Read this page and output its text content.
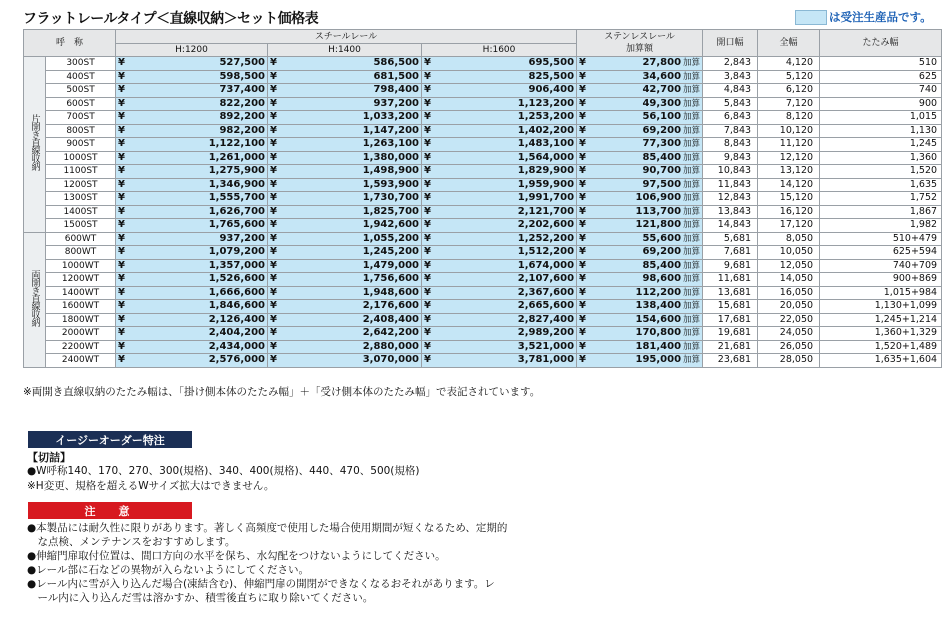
フラットレールタイプ＜直線収納＞セット価格表	は受注生産品です。
呼　称		スチールレール			ステンレスレール
加算額	開口幅	全幅	たたみ幅
		H:1200	H:1400	H:1600				
片開き直線収納	300ST	¥ 527,500	¥ 586,500	¥ 695,500	¥ 27,800 加算	2,843	4,120	510
	400ST	¥ 598,500	¥ 681,500	¥ 825,500	¥ 34,600 加算	3,843	5,120	625
	500ST	¥ 737,400	¥ 798,400	¥ 906,400	¥ 42,700 加算	4,843	6,120	740
	600ST	¥ 822,200	¥ 937,200	¥ 1,123,200	¥ 49,300 加算	5,843	7,120	900
	700ST	¥ 892,200	¥ 1,033,200	¥ 1,253,200	¥ 56,100 加算	6,843	8,120	1,015
	800ST	¥ 982,200	¥ 1,147,200	¥ 1,402,200	¥ 69,200 加算	7,843	10,120	1,130
	900ST	¥ 1,122,100	¥ 1,263,100	¥ 1,483,100	¥ 77,300 加算	8,843	11,120	1,245
	1000ST	¥ 1,261,000	¥ 1,380,000	¥ 1,564,000	¥ 85,400 加算	9,843	12,120	1,360
	1100ST	¥ 1,275,900	¥ 1,498,900	¥ 1,829,900	¥ 90,700 加算	10,843	13,120	1,520
	1200ST	¥ 1,346,900	¥ 1,593,900	¥ 1,959,900	¥ 97,500 加算	11,843	14,120	1,635
	1300ST	¥ 1,555,700	¥ 1,730,700	¥ 1,991,700	¥ 106,900 加算	12,843	15,120	1,752
	1400ST	¥ 1,626,700	¥ 1,825,700	¥ 2,121,700	¥ 113,700 加算	13,843	16,120	1,867
	1500ST	¥ 1,765,600	¥ 1,942,600	¥ 2,202,600	¥ 121,800 加算	14,843	17,120	1,982
両開き直線収納	600WT	¥ 937,200	¥ 1,055,200	¥ 1,252,200	¥ 55,600 加算	5,681	8,050	510+479
	800WT	¥ 1,079,200	¥ 1,245,200	¥ 1,512,200	¥ 69,200 加算	7,681	10,050	625+594
	1000WT	¥ 1,357,000	¥ 1,479,000	¥ 1,674,000	¥ 85,400 加算	9,681	12,050	740+709
	1200WT	¥ 1,526,600	¥ 1,756,600	¥ 2,107,600	¥ 98,600 加算	11,681	14,050	900+869
	1400WT	¥ 1,666,600	¥ 1,948,600	¥ 2,367,600	¥ 112,200 加算	13,681	16,050	1,015+984
	1600WT	¥ 1,846,600	¥ 2,176,600	¥ 2,665,600	¥ 138,400 加算	15,681	20,050	1,130+1,099
	1800WT	¥ 2,126,400	¥ 2,408,400	¥ 2,827,400	¥ 154,600 加算	17,681	22,050	1,245+1,214
	2000WT	¥ 2,404,200	¥ 2,642,200	¥ 2,989,200	¥ 170,800 加算	19,681	24,050	1,360+1,329
	2200WT	¥ 2,434,000	¥ 2,880,000	¥ 3,521,000	¥ 181,400 加算	21,681	26,050	1,520+1,489
	2400WT	¥ 2,576,000	¥ 3,070,000	¥ 3,781,000	¥ 195,000 加算	23,681	28,050	1,635+1,604
※両開き直線収納のたたみ幅は、「掛け側本体のたたみ幅」＋「受け側本体のたたみ幅」で表記されています。
イージーオーダー特注
【切詰】
●W呼称140、170、270、300(規格)、340、400(規格)、440、470、500(規格)
※H変更、規格を超えるWサイズ拡大はできません。
注　意
●本製品には耐久性に限りがあります。著しく高頻度で使用した場合使用期間が短くなるため、定期的
　な点検、メンテナンスをおすすめします。
●伸縮門扉取付位置は、間口方向の水平を保ち、水勾配をつけないようにしてください。
●レール部に石などの異物が入らないようにしてください。
●レール内に雪が入り込んだ場合(凍結含む)、伸縮門扉の開閉ができなくなるおそれがあります。レ
　ール内に入り込んだ雪は溶かすか、積雪後直ちに取り除いてください。
